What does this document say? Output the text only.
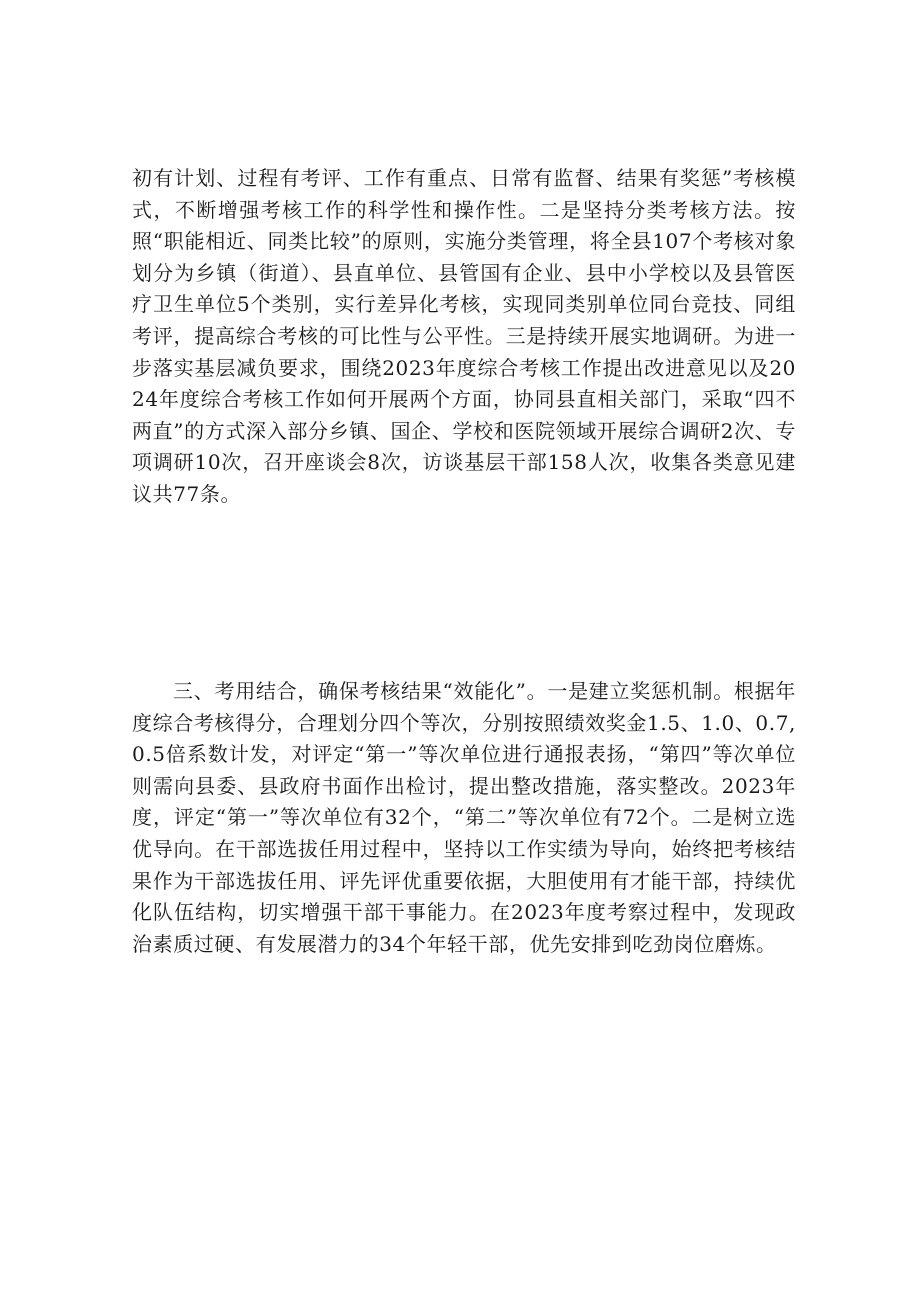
初有计划、过程有考评、工作有重点、日常有监督、结果有奖惩”考核模式，不断增强考核工作的科学性和操作性。二是坚持分类考核方法。按照“职能相近、同类比较”的原则，实施分类管理，将全县107个考核对象划分为乡镇（街道）、县直单位、县管国有企业、县中小学校以及县管医疗卫生单位5个类别，实行差异化考核，实现同类别单位同台竞技、同组考评，提高综合考核的可比性与公平性。三是持续开展实地调研。为进一步落实基层减负要求，围绕2023年度综合考核工作提出改进意见以及2024年度综合考核工作如何开展两个方面，协同县直相关部门，采取“四不两直”的方式深入部分乡镇、国企、学校和医院领域开展综合调研2次、专项调研10次，召开座谈会8次，访谈基层干部158人次，收集各类意见建议共77条。

三、考用结合，确保考核结果“效能化”。一是建立奖惩机制。根据年度综合考核得分，合理划分四个等次，分别按照绩效奖金1.5、1.0、0.7,0.5倍系数计发，对评定“第一”等次单位进行通报表扬，“第四”等次单位则需向县委、县政府书面作出检讨，提出整改措施，落实整改。2023年度，评定“第一”等次单位有32个，“第二”等次单位有72个。二是树立选优导向。在干部选拔任用过程中，坚持以工作实绩为导向，始终把考核结果作为干部选拔任用、评先评优重要依据，大胆使用有才能干部，持续优化队伍结构，切实增强干部干事能力。在2023年度考察过程中，发现政治素质过硬、有发展潜力的34个年轻干部，优先安排到吃劲岗位磨炼。
